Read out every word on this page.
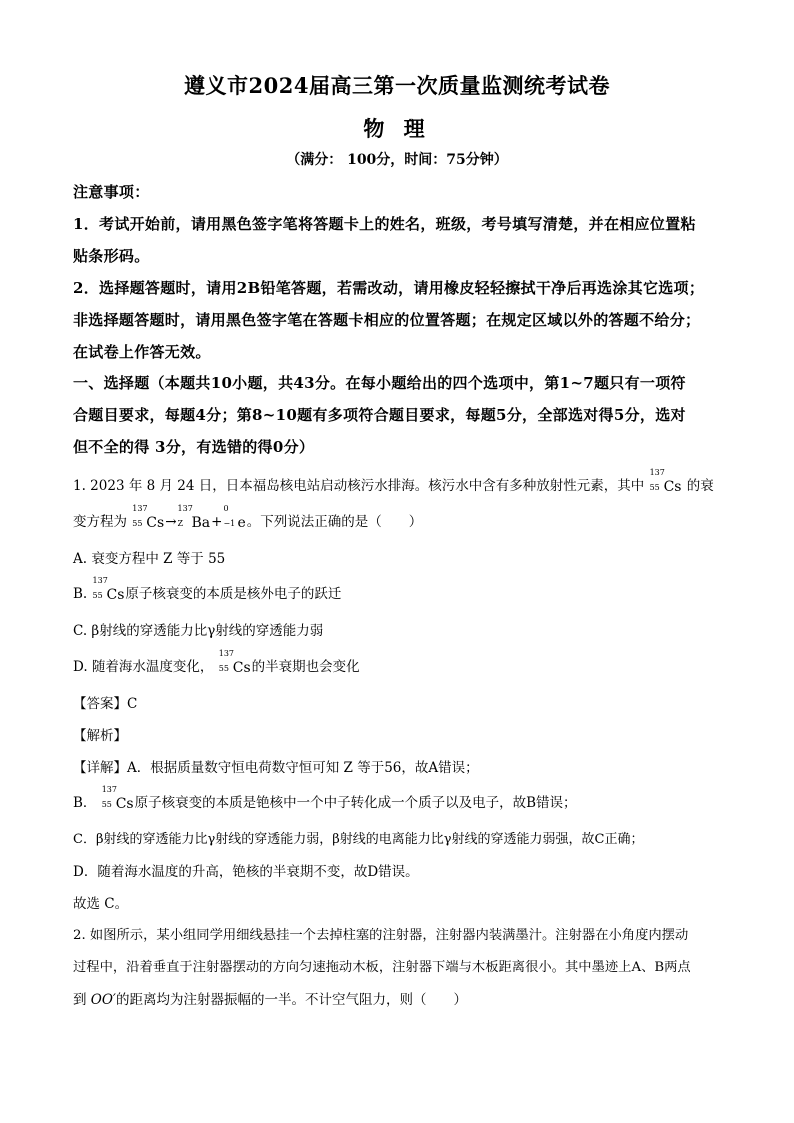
遵义市2024届高三第一次质量监测统考试卷
物 理
（满分： 100分，时间：75分钟）
注意事项：
1．考试开始前，请用黑色签字笔将答题卡上的姓名，班级，考号填写清楚，并在相应位置粘
贴条形码。
2．选择题答题时，请用2B铅笔答题，若需改动，请用橡皮轻轻擦拭干净后再选涂其它选项；
非选择题答题时，请用黑色签字笔在答题卡相应的位置答题；在规定区域以外的答题不给分；
在试卷上作答无效。
一、选择题（本题共10小题，共43分。在每小题给出的四个选项中，第1~7题只有一项符
合题目要求，每题4分；第8~10题有多项符合题目要求，每题5分，全部选对得5分，选对
但不全的得 3分，有选错的得0分）
1. 2023 年 8 月 24 日，日本福岛核电站启动核污水排海。核污水中含有多种放射性元素，其中
137
55 Cs 的衰
变方程为
137
55 Cs→
137
Z Ba+
0
−1 e。下列说法正确的是（　　）
A. 衰变方程中 Z 等于 55
B.
137
55 Cs原子核衰变的本质是核外电子的跃迁
C. β射线的穿透能力比γ射线的穿透能力弱
D. 随着海水温度变化，
137
55 Cs的半衰期也会变化
【答案】C
【解析】
【详解】A．根据质量数守恒电荷数守恒可知 Z 等于56，故A错误；
B．
137
55 Cs原子核衰变的本质是铯核中一个中子转化成一个质子以及电子，故B错误；
C．β射线的穿透能力比γ射线的穿透能力弱，β射线的电离能力比γ射线的穿透能力弱强，故C正确；
D．随着海水温度的升高，铯核的半衰期不变，故D错误。
故选 C。
2. 如图所示，某小组同学用细线悬挂一个去掉柱塞的注射器，注射器内装满墨汁。注射器在小角度内摆动
过程中，沿着垂直于注射器摆动的方向匀速拖动木板，注射器下端与木板距离很小。其中墨迹上A、B两点
到 OO′的距离均为注射器振幅的一半。不计空气阻力，则（　　）
